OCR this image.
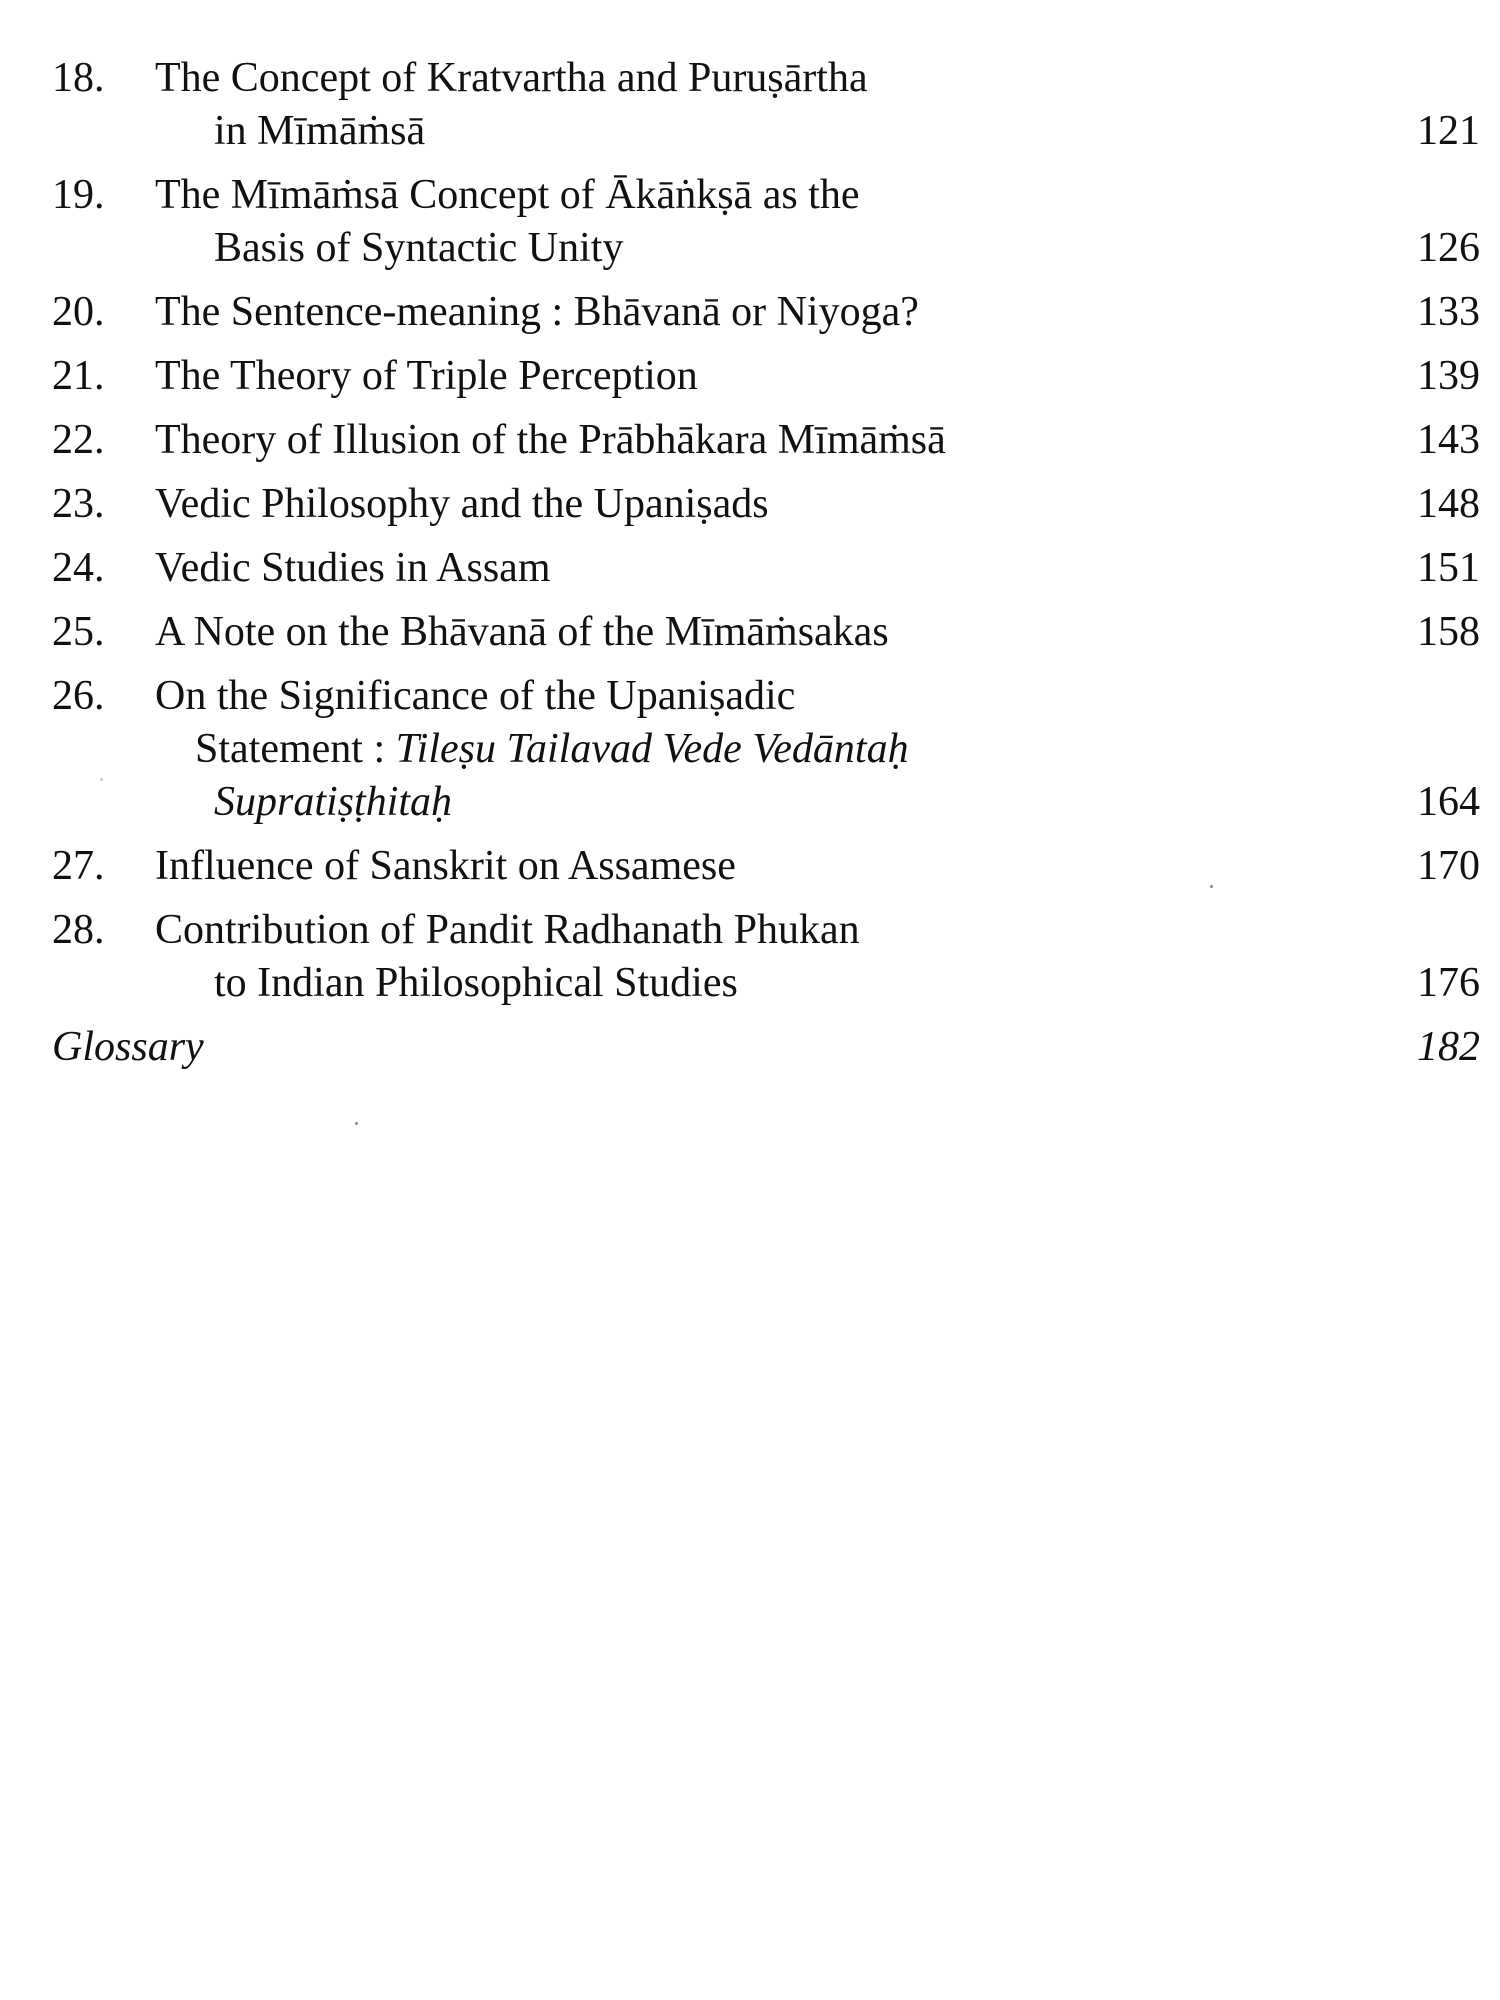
18. The Concept of Kratvartha and Puruṣārtha
in Mīmāṁsā	121
19. The Mīmāṁsā Concept of Ākāṅkṣā as the
Basis of Syntactic Unity	126
20. The Sentence-meaning : Bhāvanā or Niyoga?	133
21. The Theory of Triple Perception	139
22. Theory of Illusion of the Prābhākara Mīmāṁsā	143
23. Vedic Philosophy and the Upaniṣads	148
24. Vedic Studies in Assam	151
25. A Note on the Bhāvanā of the Mīmāṁsakas	158
26. On the Significance of the Upaniṣadic
Statement : Tileṣu Tailavad Vede Vedāntaḥ
Supratiṣṭhitaḥ	164
27. Influence of Sanskrit on Assamese	170
28. Contribution of Pandit Radhanath Phukan
to Indian Philosophical Studies	176
Glossary	182
